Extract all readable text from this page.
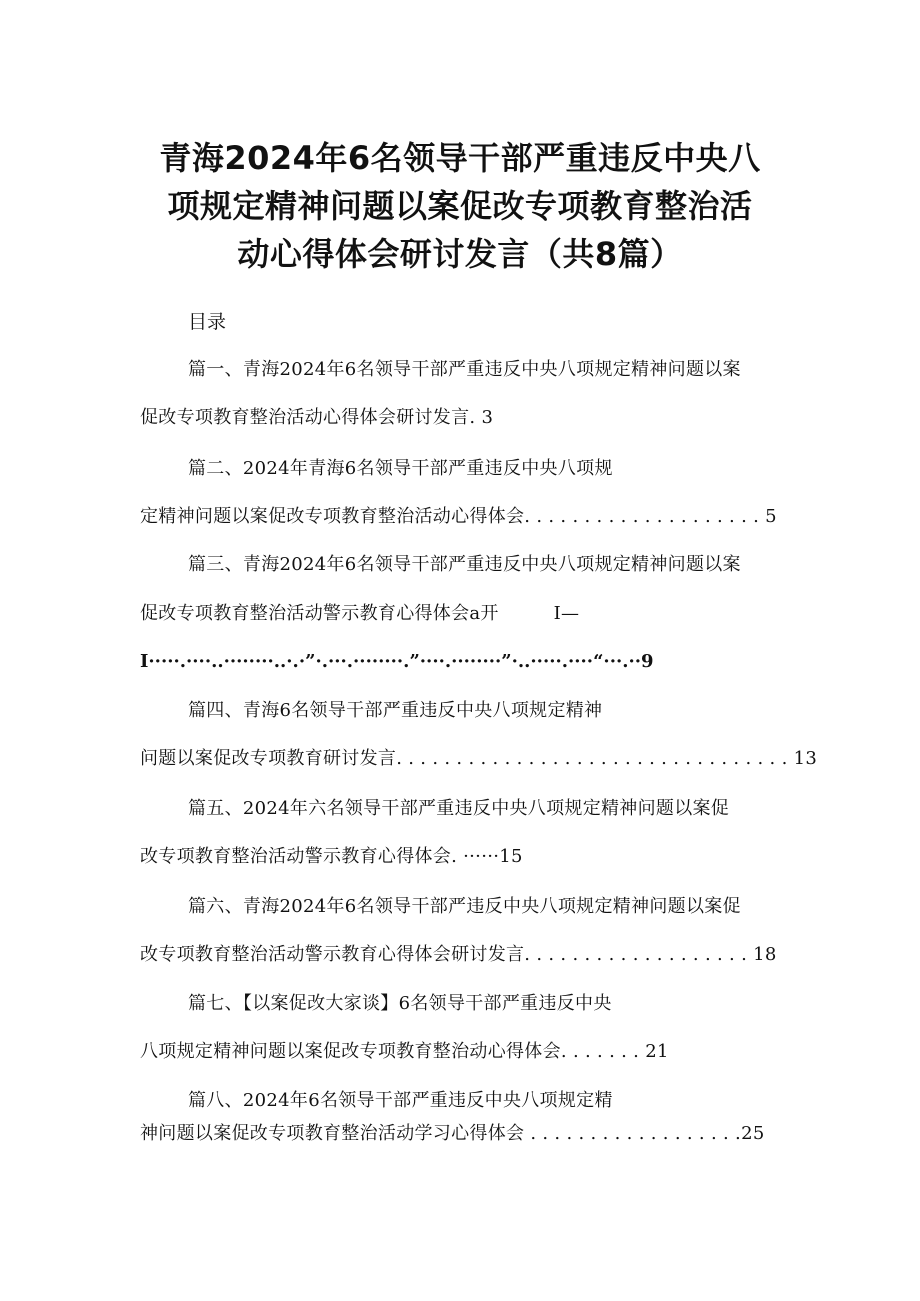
青海2024年6名领导干部严重违反中央八
项规定精神问题以案促改专项教育整治活
动心得体会研讨发言（共8篇）
目录
篇一、青海2024年6名领导干部严重违反中央八项规定精神问题以案
促改专项教育整治活动心得体会研讨发言. 3
篇二、2024年青海6名领导干部严重违反中央八项规
定精神问题以案促改专项教育整治活动心得体会. . . . . . . . . . . . . . . . . . . . 5
篇三、青海2024年6名领导干部严重违反中央八项规定精神问题以案
促改专项教育整治活动警示教育心得体会a开　　　I—
I·····.····..········..·.·”·.···.········.”····.········”·..·····.····“···.··9
篇四、青海6名领导干部严重违反中央八项规定精神
问题以案促改专项教育研讨发言. . . . . . . . . . . . . . . . . . . . . . . . . . . . . . . . . 13
篇五、2024年六名领导干部严重违反中央八项规定精神问题以案促
改专项教育整治活动警示教育心得体会. ······15
篇六、青海2024年6名领导干部严违反中央八项规定精神问题以案促
改专项教育整治活动警示教育心得体会研讨发言. . . . . . . . . . . . . . . . . . . 18
篇七、【以案促改大家谈】6名领导干部严重违反中央
八项规定精神问题以案促改专项教育整治动心得体会. . . . . . . 21
篇八、2024年6名领导干部严重违反中央八项规定精
神问题以案促改专项教育整治活动学习心得体会 . . . . . . . . . . . . . . . . . .25
